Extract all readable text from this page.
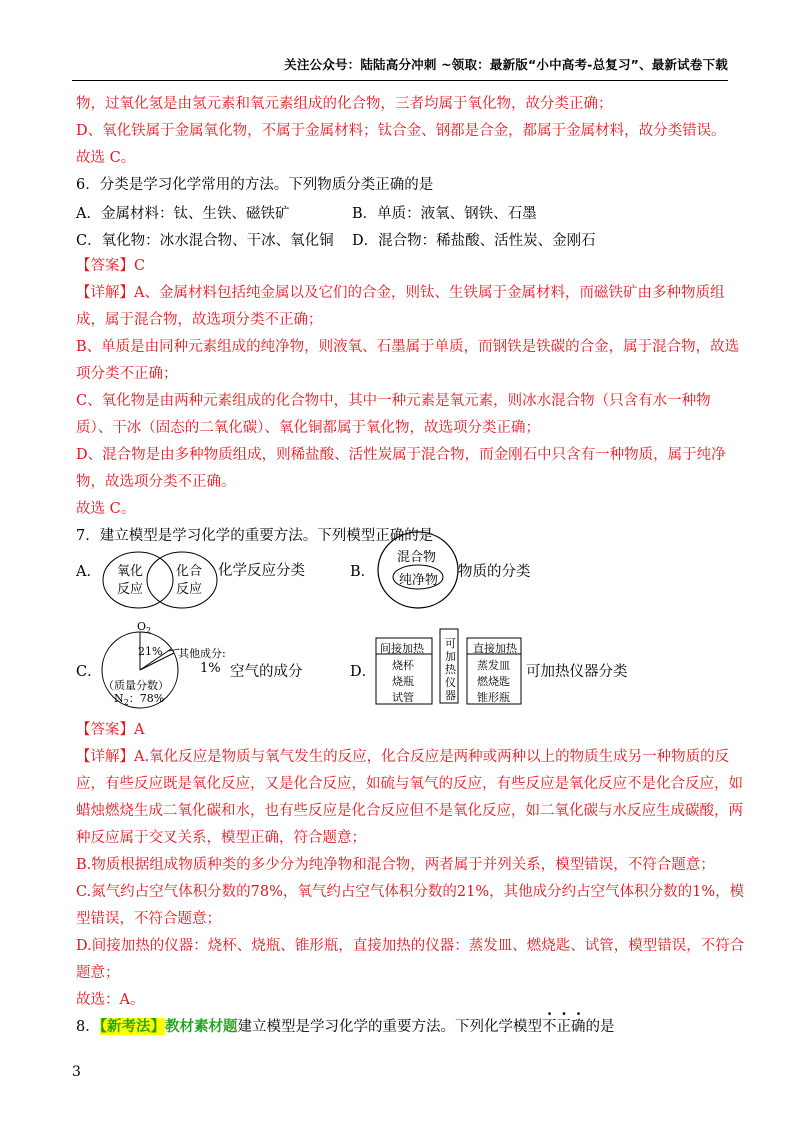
关注公众号：陆陆高分冲刺 ~领取：最新版“小中高考-总复习”、最新试卷下载
物，过氧化氢是由氢元素和氧元素组成的化合物，三者均属于氧化物，故分类正确；
D、氧化铁属于金属氧化物，不属于金属材料；钛合金、钢都是合金，都属于金属材料，故分类错误。
故选 C。
6．分类是学习化学常用的方法。下列物质分类正确的是
A．金属材料：钛、生铁、磁铁矿	B．单质：液氧、钢铁、石墨
C．氧化物：冰水混合物、干冰、氧化铜 D．混合物：稀盐酸、活性炭、金刚石
【答案】C
【详解】A、金属材料包括纯金属以及它们的合金，则钛、生铁属于金属材料，而磁铁矿由多种物质组
成，属于混合物，故选项分类不正确；
B、单质是由同种元素组成的纯净物，则液氧、石墨属于单质，而钢铁是铁碳的合金，属于混合物，故选
项分类不正确；
C、氧化物是由两种元素组成的化合物中，其中一种元素是氧元素，则冰水混合物（只含有水一种物
质）、干冰（固态的二氧化碳）、氧化铜都属于氧化物，故选项分类正确；
D、混合物是由多种物质组成，则稀盐酸、活性炭属于混合物，而金刚石中只含有一种物质，属于纯净
物，故选项分类不正确。
故选 C。
7．建立模型是学习化学的重要方法。下列模型正确的是
A． 氧化
反应
化合
反应
化学反应分类	B．
混合物
纯净物
物质的分类
C．
$O_2$
21% 其他成分:
1%
（质量分数）
$N_2$：78%
空气的成分	D．
间接加热
烧杯
烧瓶
试管
可
加
热
仪
器
直接加热
蒸发皿
燃烧匙
锥形瓶
可加热仪器分类
【答案】A
【详解】A.氧化反应是物质与氧气发生的反应，化合反应是两种或两种以上的物质生成另一种物质的反
应，有些反应既是氧化反应，又是化合反应，如硫与氧气的反应，有些反应是氧化反应不是化合反应，如
蜡烛燃烧生成二氧化碳和水，也有些反应是化合反应但不是氧化反应，如二氧化碳与水反应生成碳酸，两
种反应属于交叉关系，模型正确，符合题意；
B.物质根据组成物质种类的多少分为纯净物和混合物，两者属于并列关系，模型错误，不符合题意；
C.氮气约占空气体积分数的78%，氧气约占空气体积分数的21%，其他成分约占空气体积分数的1%，模
型错误，不符合题意；
D.间接加热的仪器：烧杯、烧瓶、锥形瓶，直接加热的仪器：蒸发皿、燃烧匙、试管，模型错误，不符合
题意；
故选：A。
8．【新考法】教材素材题建立模型是学习化学的重要方法。下列化学模型不正确的是
3
